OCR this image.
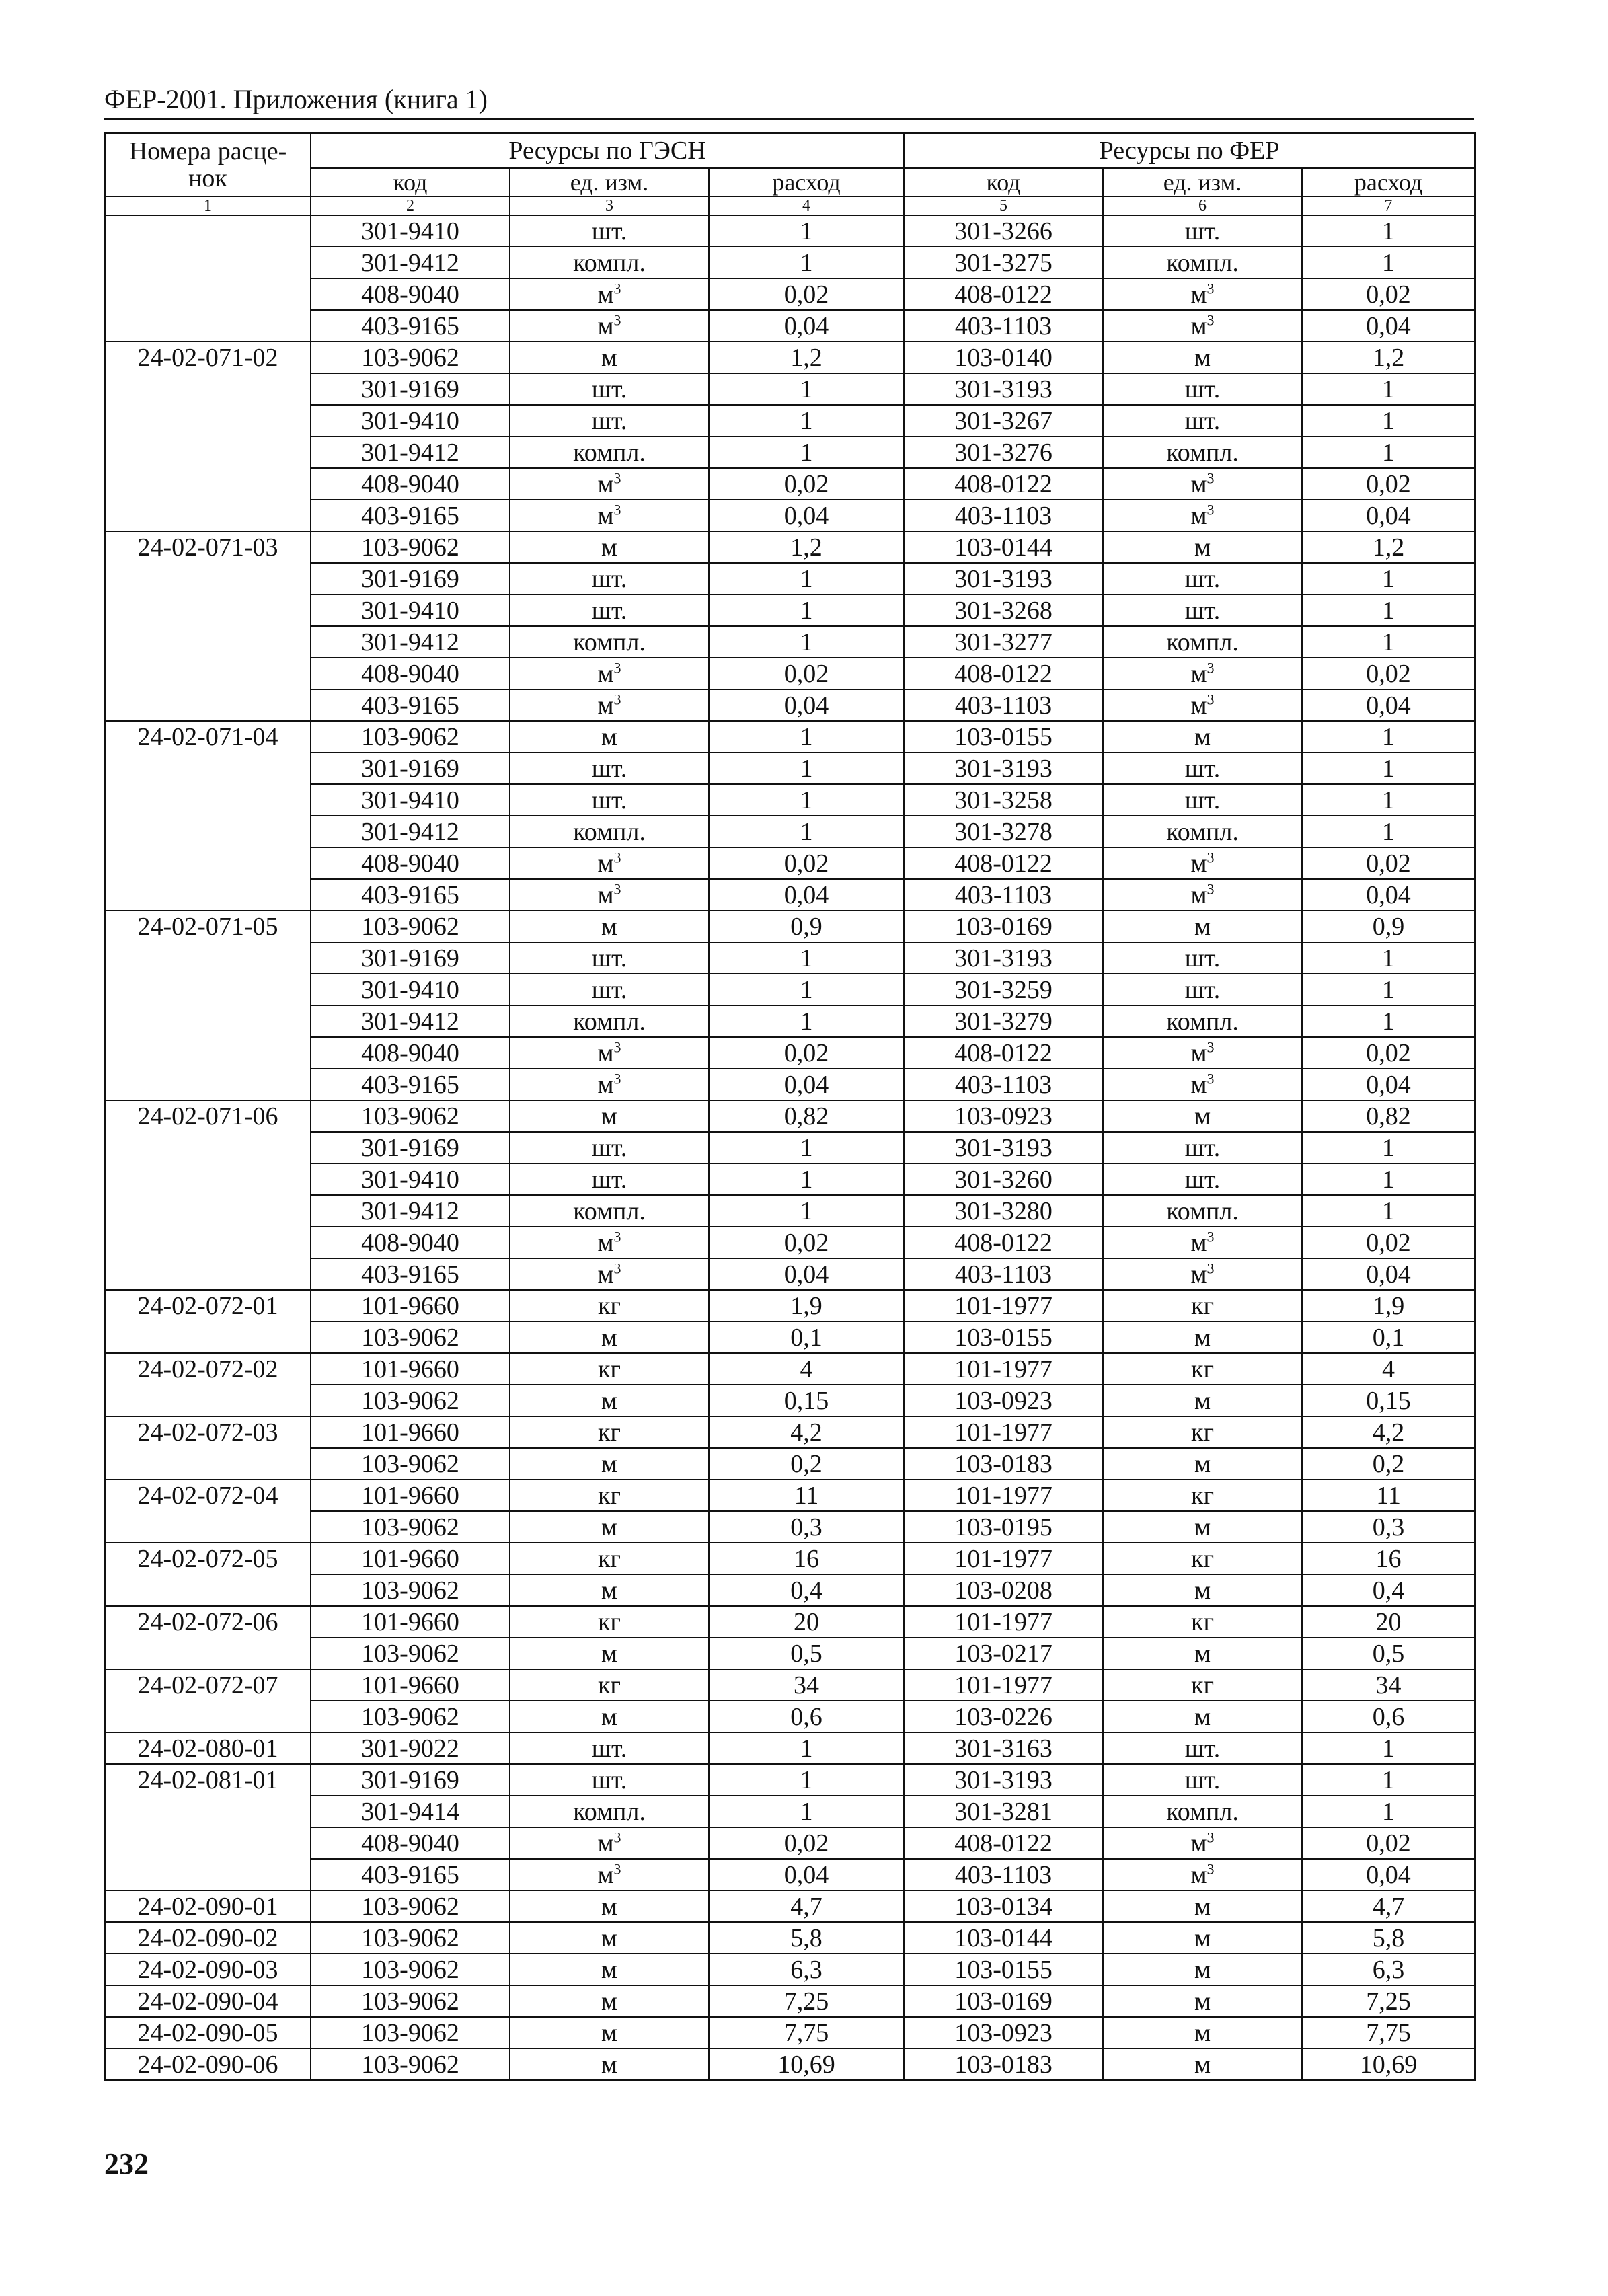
ФЕР-2001. Приложения (книга 1)
Номера расце-нок	Ресурсы по ГЭСН			Ресурсы по ФЕР		
	код	ед. изм.	расход	код	ед. изм.	расход
1	2	3	4	5	6	7
	301-9410	шт.	1	301-3266	шт.	1
	301-9412	компл.	1	301-3275	компл.	1
	408-9040	$м^3$	0,02	408-0122	$м^3$	0,02
	403-9165	$м^3$	0,04	403-1103	$м^3$	0,04
24-02-071-02	103-9062	м	1,2	103-0140	м	1,2
	301-9169	шт.	1	301-3193	шт.	1
	301-9410	шт.	1	301-3267	шт.	1
	301-9412	компл.	1	301-3276	компл.	1
	408-9040	$м^3$	0,02	408-0122	$м^3$	0,02
	403-9165	$м^3$	0,04	403-1103	$м^3$	0,04
24-02-071-03	103-9062	м	1,2	103-0144	м	1,2
	301-9169	шт.	1	301-3193	шт.	1
	301-9410	шт.	1	301-3268	шт.	1
	301-9412	компл.	1	301-3277	компл.	1
	408-9040	$м^3$	0,02	408-0122	$м^3$	0,02
	403-9165	$м^3$	0,04	403-1103	$м^3$	0,04
24-02-071-04	103-9062	м	1	103-0155	м	1
	301-9169	шт.	1	301-3193	шт.	1
	301-9410	шт.	1	301-3258	шт.	1
	301-9412	компл.	1	301-3278	компл.	1
	408-9040	$м^3$	0,02	408-0122	$м^3$	0,02
	403-9165	$м^3$	0,04	403-1103	$м^3$	0,04
24-02-071-05	103-9062	м	0,9	103-0169	м	0,9
	301-9169	шт.	1	301-3193	шт.	1
	301-9410	шт.	1	301-3259	шт.	1
	301-9412	компл.	1	301-3279	компл.	1
	408-9040	$м^3$	0,02	408-0122	$м^3$	0,02
	403-9165	$м^3$	0,04	403-1103	$м^3$	0,04
24-02-071-06	103-9062	м	0,82	103-0923	м	0,82
	301-9169	шт.	1	301-3193	шт.	1
	301-9410	шт.	1	301-3260	шт.	1
	301-9412	компл.	1	301-3280	компл.	1
	408-9040	$м^3$	0,02	408-0122	$м^3$	0,02
	403-9165	$м^3$	0,04	403-1103	$м^3$	0,04
24-02-072-01	101-9660	кг	1,9	101-1977	кг	1,9
	103-9062	м	0,1	103-0155	м	0,1
24-02-072-02	101-9660	кг	4	101-1977	кг	4
	103-9062	м	0,15	103-0923	м	0,15
24-02-072-03	101-9660	кг	4,2	101-1977	кг	4,2
	103-9062	м	0,2	103-0183	м	0,2
24-02-072-04	101-9660	кг	11	101-1977	кг	11
	103-9062	м	0,3	103-0195	м	0,3
24-02-072-05	101-9660	кг	16	101-1977	кг	16
	103-9062	м	0,4	103-0208	м	0,4
24-02-072-06	101-9660	кг	20	101-1977	кг	20
	103-9062	м	0,5	103-0217	м	0,5
24-02-072-07	101-9660	кг	34	101-1977	кг	34
	103-9062	м	0,6	103-0226	м	0,6
24-02-080-01	301-9022	шт.	1	301-3163	шт.	1
24-02-081-01	301-9169	шт.	1	301-3193	шт.	1
	301-9414	компл.	1	301-3281	компл.	1
	408-9040	$м^3$	0,02	408-0122	$м^3$	0,02
	403-9165	$м^3$	0,04	403-1103	$м^3$	0,04
24-02-090-01	103-9062	м	4,7	103-0134	м	4,7
24-02-090-02	103-9062	м	5,8	103-0144	м	5,8
24-02-090-03	103-9062	м	6,3	103-0155	м	6,3
24-02-090-04	103-9062	м	7,25	103-0169	м	7,25
24-02-090-05	103-9062	м	7,75	103-0923	м	7,75
24-02-090-06	103-9062	м	10,69	103-0183	м	10,69
232
